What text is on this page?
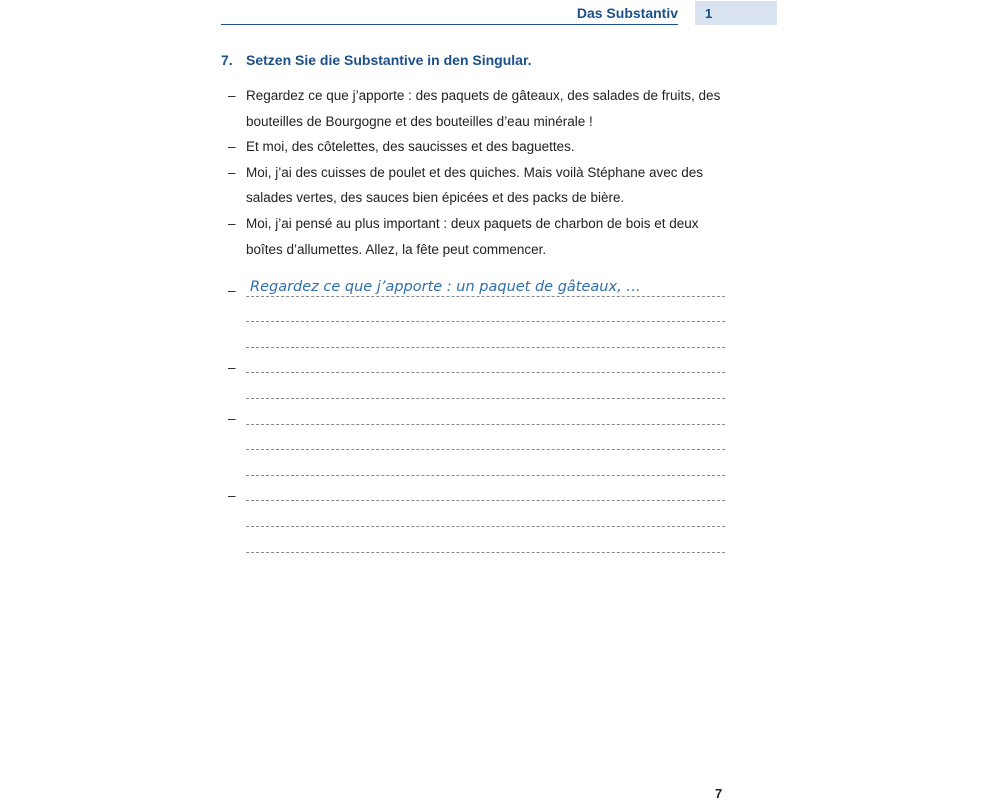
Das Substantiv 1
7. Setzen Sie die Substantive in den Singular.
– Regardez ce que j’apporte : des paquets de gâteaux, des salades de fruits, des
bouteilles de Bourgogne et des bouteilles d’eau minérale !
– Et moi, des côtelettes, des saucisses et des baguettes.
– Moi, j’ai des cuisses de poulet et des quiches. Mais voilà Stéphane avec des
salades vertes, des sauces bien épicées et des packs de bière.
– Moi, j’ai pensé au plus important : deux paquets de charbon de bois et deux
boîtes d’allumettes. Allez, la fête peut commencer.
– Regardez ce que j’apporte : un paquet de gâteaux, …
–
–
–
7
